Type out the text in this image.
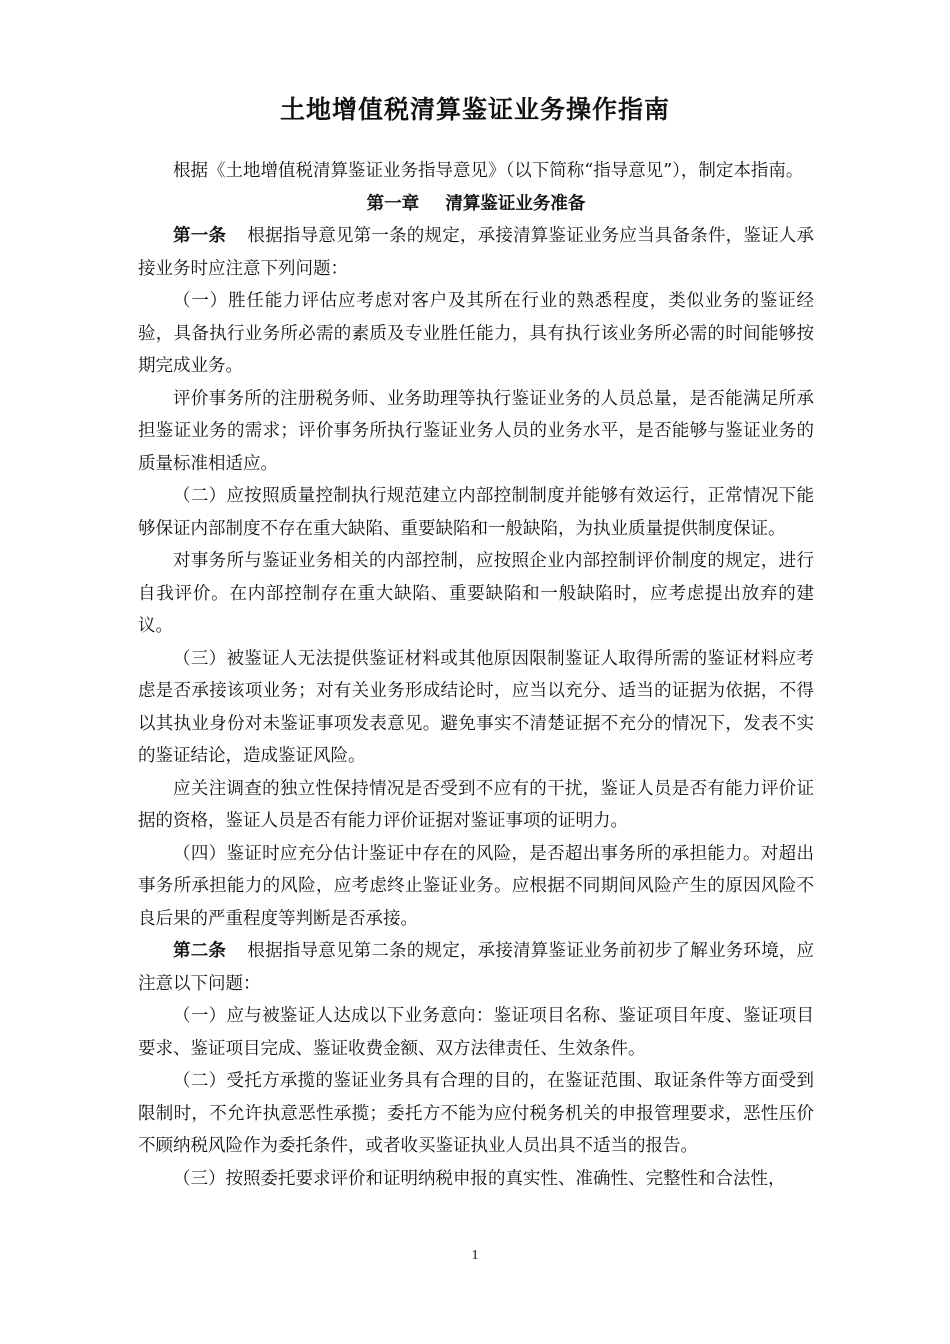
土地增值税清算鉴证业务操作指南

根据《土地增值税清算鉴证业务指导意见》（以下简称“指导意见”），制定本指南。

第一章 清算鉴证业务准备

第一条 根据指导意见第一条的规定，承接清算鉴证业务应当具备条件，鉴证人承接业务时应注意下列问题：

（一）胜任能力评估应考虑对客户及其所在行业的熟悉程度，类似业务的鉴证经验，具备执行业务所必需的素质及专业胜任能力，具有执行该业务所必需的时间能够按期完成业务。

评价事务所的注册税务师、业务助理等执行鉴证业务的人员总量，是否能满足所承担鉴证业务的需求；评价事务所执行鉴证业务人员的业务水平，是否能够与鉴证业务的质量标准相适应。

（二）应按照质量控制执行规范建立内部控制制度并能够有效运行，正常情况下能够保证内部制度不存在重大缺陷、重要缺陷和一般缺陷，为执业质量提供制度保证。

对事务所与鉴证业务相关的内部控制，应按照企业内部控制评价制度的规定，进行自我评价。在内部控制存在重大缺陷、重要缺陷和一般缺陷时，应考虑提出放弃的建议。

（三）被鉴证人无法提供鉴证材料或其他原因限制鉴证人取得所需的鉴证材料应考虑是否承接该项业务；对有关业务形成结论时，应当以充分、适当的证据为依据，不得以其执业身份对未鉴证事项发表意见。避免事实不清楚证据不充分的情况下，发表不实的鉴证结论，造成鉴证风险。

应关注调查的独立性保持情况是否受到不应有的干扰，鉴证人员是否有能力评价证据的资格，鉴证人员是否有能力评价证据对鉴证事项的证明力。

（四）鉴证时应充分估计鉴证中存在的风险，是否超出事务所的承担能力。对超出事务所承担能力的风险，应考虑终止鉴证业务。应根据不同期间风险产生的原因风险不良后果的严重程度等判断是否承接。

第二条 根据指导意见第二条的规定，承接清算鉴证业务前初步了解业务环境，应注意以下问题：

（一）应与被鉴证人达成以下业务意向：鉴证项目名称、鉴证项目年度、鉴证项目要求、鉴证项目完成、鉴证收费金额、双方法律责任、生效条件。

（二）受托方承揽的鉴证业务具有合理的目的，在鉴证范围、取证条件等方面受到限制时，不允许执意恶性承揽；委托方不能为应付税务机关的申报管理要求，恶性压价不顾纳税风险作为委托条件，或者收买鉴证执业人员出具不适当的报告。

（三）按照委托要求评价和证明纳税申报的真实性、准确性、完整性和合法性，

1
